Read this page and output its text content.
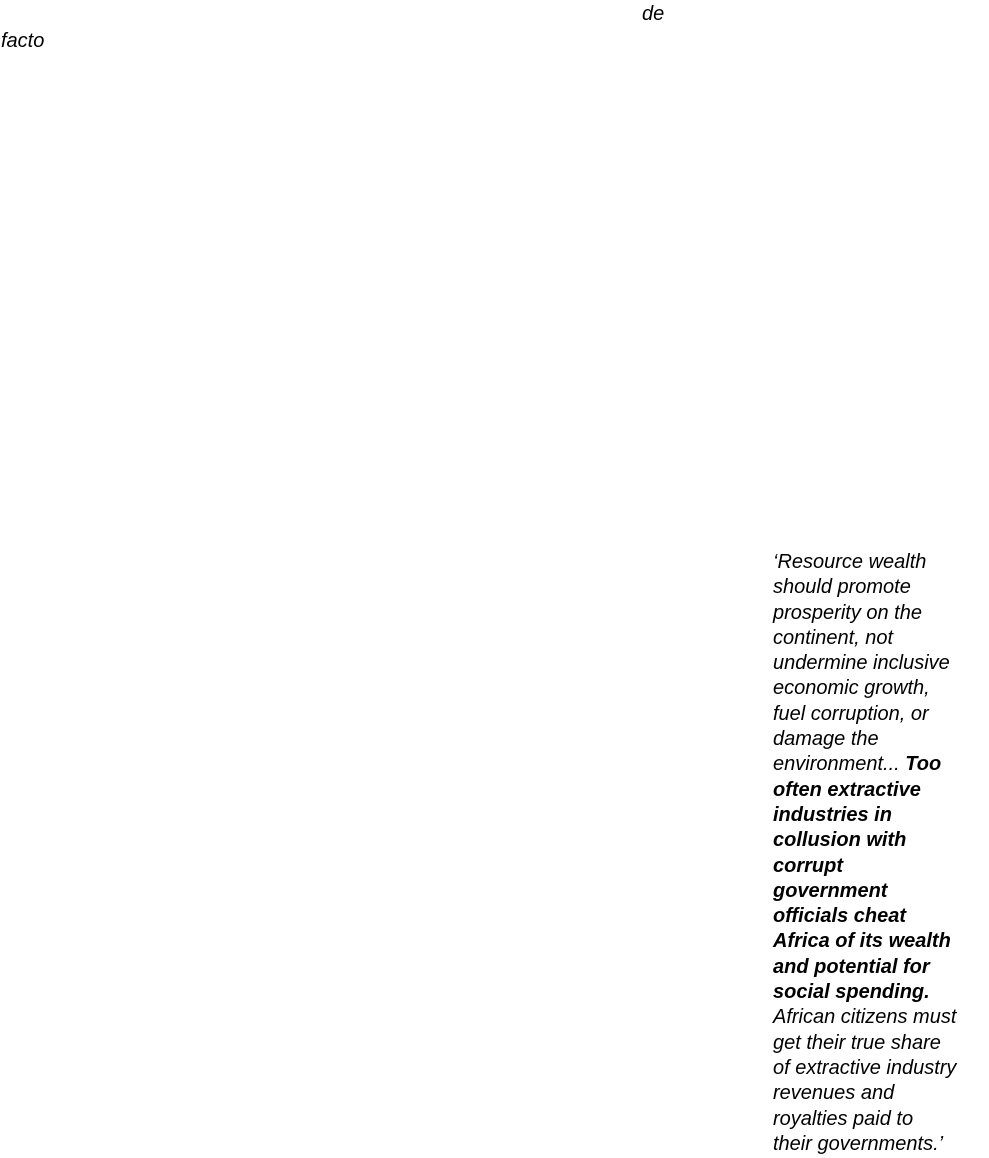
de
facto
‘Resource wealth
should promote
prosperity on the
continent, not
undermine inclusive
economic growth,
fuel corruption, or
damage the
environment... Too
often extractive
industries in
collusion with
corrupt
government
officials cheat
Africa of its wealth
and potential for
social spending.
African citizens must
get their true share
of extractive industry
revenues and
royalties paid to
their governments.’
